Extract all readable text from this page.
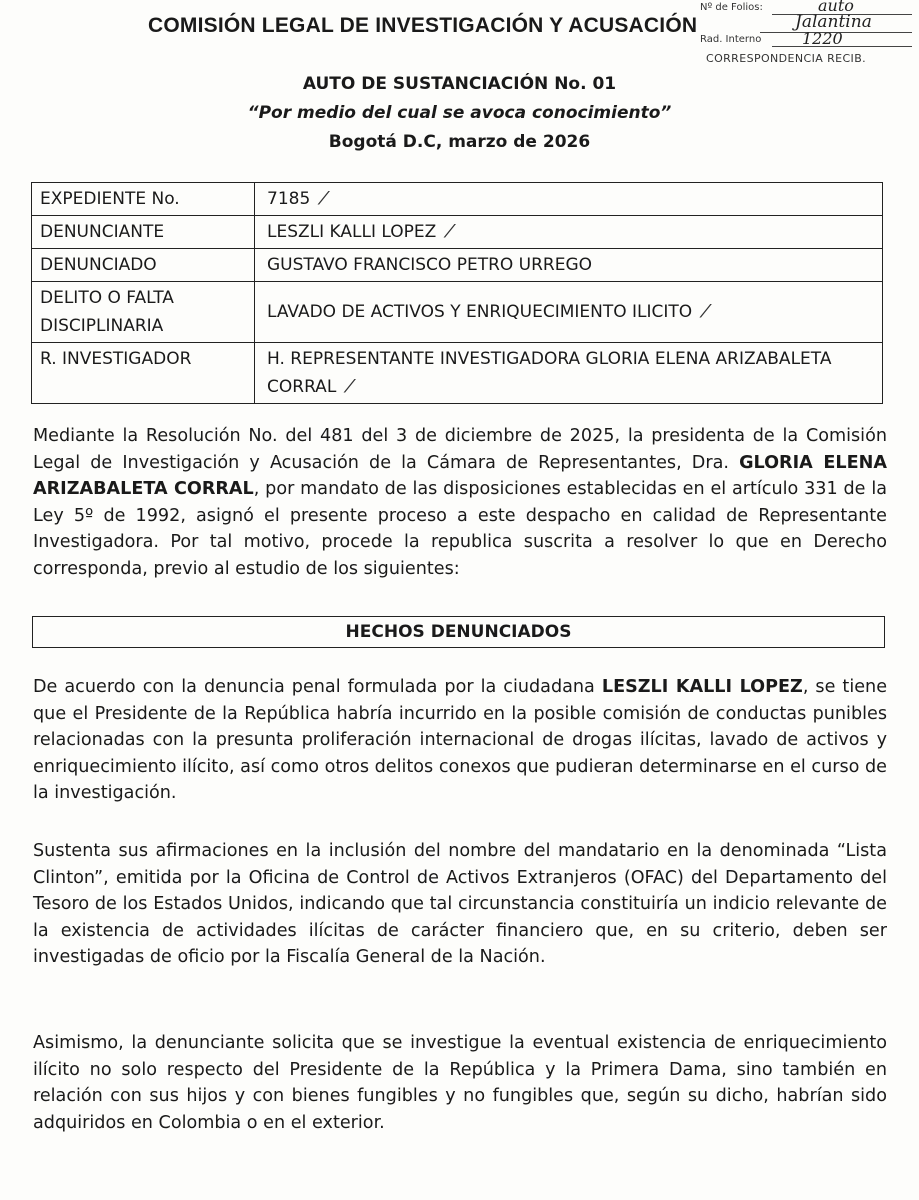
COMISIÓN LEGAL DE INVESTIGACIÓN Y ACUSACIÓN
Nº de Folios:	auto
Jalantina
Rad. Interno	1220
CORRESPONDENCIA RECIB.
AUTO DE SUSTANCIACIÓN No. 01
“Por medio del cual se avoca conocimiento”
Bogotá D.C, marzo de 2026
EXPEDIENTE No.	7185 ⁄
DENUNCIANTE	LESZLI KALLI LOPEZ ⁄
DENUNCIADO	GUSTAVO FRANCISCO PETRO URREGO
DELITO O FALTA DISCIPLINARIA	LAVADO DE ACTIVOS Y ENRIQUECIMIENTO ILICITO ⁄
R. INVESTIGADOR	H. REPRESENTANTE INVESTIGADORA GLORIA ELENA ARIZABALETA CORRAL ⁄
Mediante la Resolución No. del 481 del 3 de diciembre de 2025, la presidenta de la Comisión Legal de Investigación y Acusación de la Cámara de Representantes, Dra. GLORIA ELENA ARIZABALETA CORRAL, por mandato de las disposiciones establecidas en el artículo 331 de la Ley 5º de 1992, asignó el presente proceso a este despacho en calidad de Representante Investigadora. Por tal motivo, procede la republica suscrita a resolver lo que en Derecho corresponda, previo al estudio de los siguientes:
HECHOS DENUNCIADOS
De acuerdo con la denuncia penal formulada por la ciudadana LESZLI KALLI LOPEZ, se tiene que el Presidente de la República habría incurrido en la posible comisión de conductas punibles relacionadas con la presunta proliferación internacional de drogas ilícitas, lavado de activos y enriquecimiento ilícito, así como otros delitos conexos que pudieran determinarse en el curso de la investigación.
Sustenta sus afirmaciones en la inclusión del nombre del mandatario en la denominada “Lista Clinton”, emitida por la Oficina de Control de Activos Extranjeros (OFAC) del Departamento del Tesoro de los Estados Unidos, indicando que tal circunstancia constituiría un indicio relevante de la existencia de actividades ilícitas de carácter financiero que, en su criterio, deben ser investigadas de oficio por la Fiscalía General de la Nación.
Asimismo, la denunciante solicita que se investigue la eventual existencia de enriquecimiento ilícito no solo respecto del Presidente de la República y la Primera Dama, sino también en relación con sus hijos y con bienes fungibles y no fungibles que, según su dicho, habrían sido adquiridos en Colombia o en el exterior.
